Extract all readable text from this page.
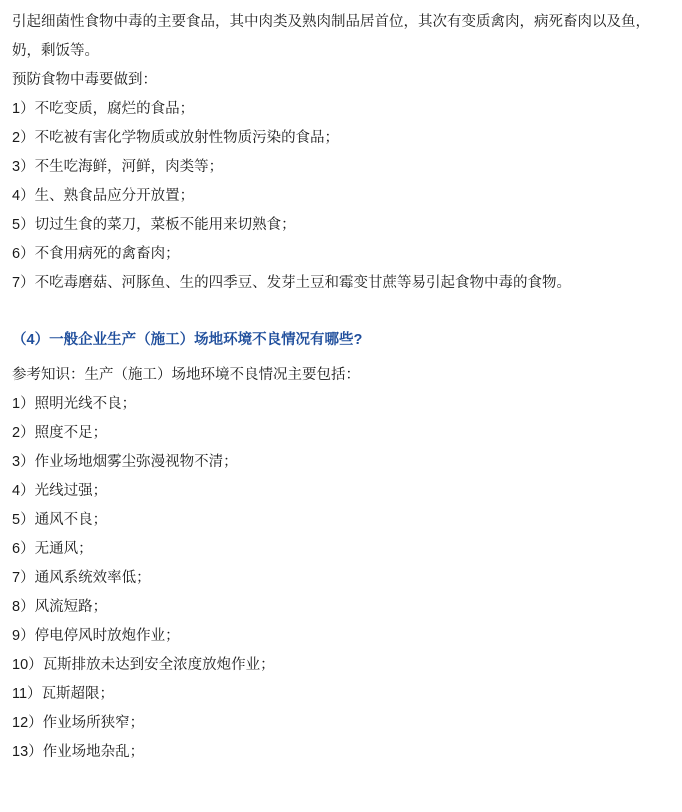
引起细菌性食物中毒的主要食品，其中肉类及熟肉制品居首位，其次有变质禽肉，病死畜肉以及鱼，奶，剩饭等。
预防食物中毒要做到：
1）不吃变质，腐烂的食品；
2）不吃被有害化学物质或放射性物质污染的食品；
3）不生吃海鲜，河鲜，肉类等；
4）生、熟食品应分开放置；
5）切过生食的菜刀，菜板不能用来切熟食；
6）不食用病死的禽畜肉；
7）不吃毒磨菇、河豚鱼、生的四季豆、发芽土豆和霉变甘蔗等易引起食物中毒的食物。
（4）一般企业生产（施工）场地环境不良情况有哪些?
参考知识：生产（施工）场地环境不良情况主要包括：
1）照明光线不良；
2）照度不足；
3）作业场地烟雾尘弥漫视物不清；
4）光线过强；
5）通风不良；
6）无通风；
7）通风系统效率低；
8）风流短路；
9）停电停风时放炮作业；
10）瓦斯排放未达到安全浓度放炮作业；
11）瓦斯超限；
12）作业场所狭窄；
13）作业场地杂乱；
